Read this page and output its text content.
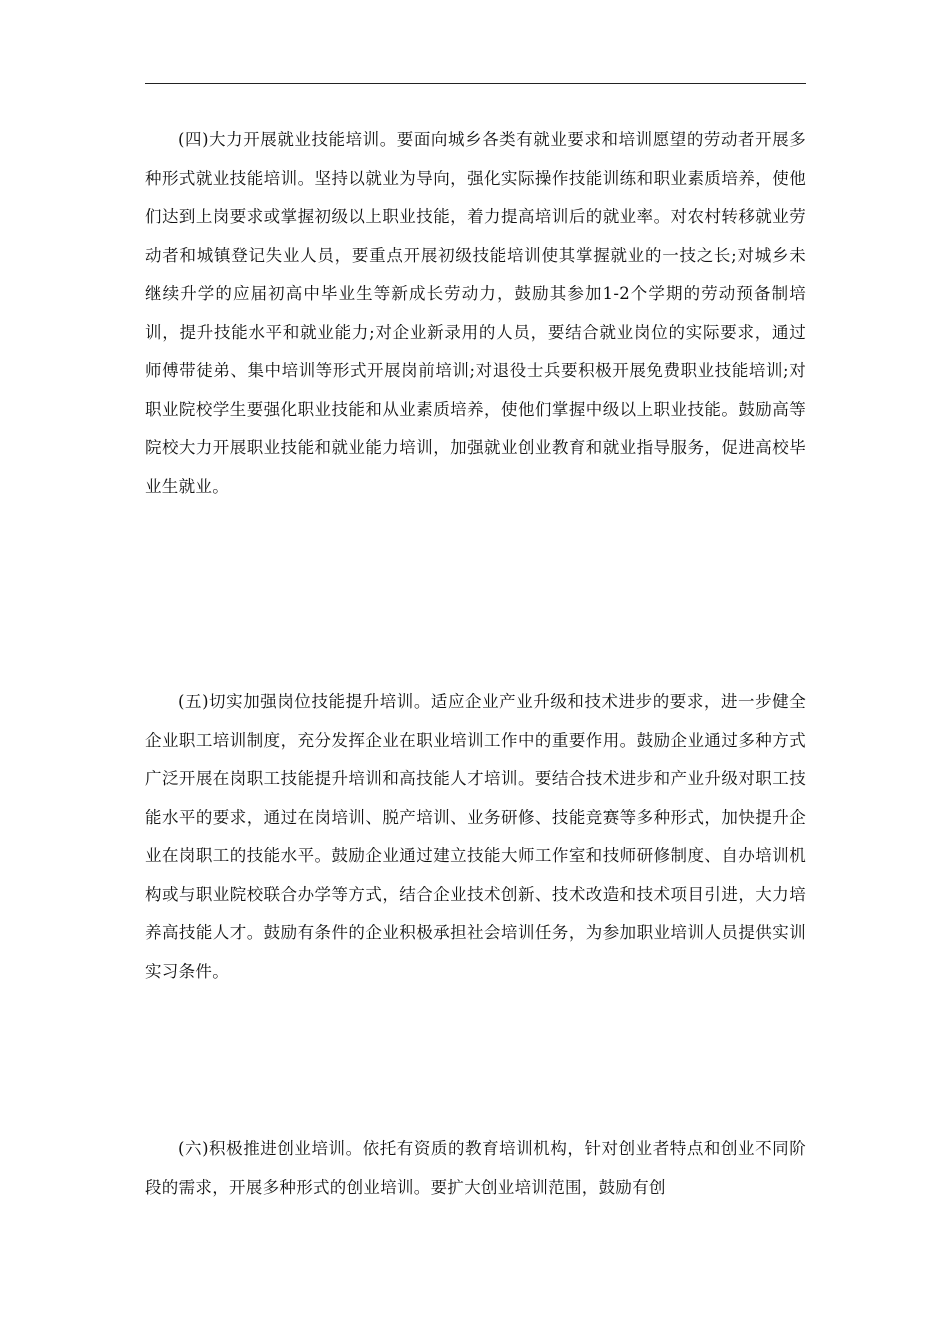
(四)大力开展就业技能培训。要面向城乡各类有就业要求和培训愿望的劳动者开展多种形式就业技能培训。坚持以就业为导向，强化实际操作技能训练和职业素质培养，使他们达到上岗要求或掌握初级以上职业技能，着力提高培训后的就业率。对农村转移就业劳动者和城镇登记失业人员，要重点开展初级技能培训使其掌握就业的一技之长;对城乡未继续升学的应届初高中毕业生等新成长劳动力，鼓励其参加1-2个学期的劳动预备制培训，提升技能水平和就业能力;对企业新录用的人员，要结合就业岗位的实际要求，通过师傅带徒弟、集中培训等形式开展岗前培训;对退役士兵要积极开展免费职业技能培训;对职业院校学生要强化职业技能和从业素质培养，使他们掌握中级以上职业技能。鼓励高等院校大力开展职业技能和就业能力培训，加强就业创业教育和就业指导服务，促进高校毕业生就业。

(五)切实加强岗位技能提升培训。适应企业产业升级和技术进步的要求，进一步健全企业职工培训制度，充分发挥企业在职业培训工作中的重要作用。鼓励企业通过多种方式广泛开展在岗职工技能提升培训和高技能人才培训。要结合技术进步和产业升级对职工技能水平的要求，通过在岗培训、脱产培训、业务研修、技能竞赛等多种形式，加快提升企业在岗职工的技能水平。鼓励企业通过建立技能大师工作室和技师研修制度、自办培训机构或与职业院校联合办学等方式，结合企业技术创新、技术改造和技术项目引进，大力培养高技能人才。鼓励有条件的企业积极承担社会培训任务，为参加职业培训人员提供实训实习条件。

(六)积极推进创业培训。依托有资质的教育培训机构，针对创业者特点和创业不同阶段的需求，开展多种形式的创业培训。要扩大创业培训范围，鼓励有创
